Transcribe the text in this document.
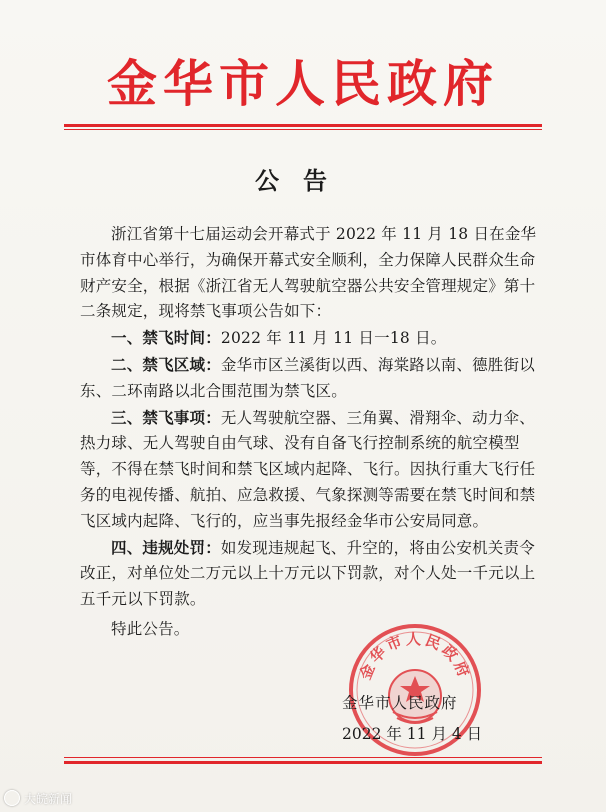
金华市人民政府
公告

浙江省第十七届运动会开幕式于 2022 年 11 月 18 日在金华市体育中心举行，为确保开幕式安全顺利，全力保障人民群众生命财产安全，根据《浙江省无人驾驶航空器公共安全管理规定》第十二条规定，现将禁飞事项公告如下：

一、禁飞时间：2022 年 11 月 11 日一18 日。

二、禁飞区域：金华市区兰溪街以西、海棠路以南、德胜街以东、二环南路以北合围范围为禁飞区。

三、禁飞事项：无人驾驶航空器、三角翼、滑翔伞、动力伞、热力球、无人驾驶自由气球、没有自备飞行控制系统的航空模型等，不得在禁飞时间和禁飞区域内起降、飞行。因执行重大飞行任务的电视传播、航拍、应急救援、气象探测等需要在禁飞时间和禁飞区域内起降、飞行的，应当事先报经金华市公安局同意。

四、违规处罚：如发现违规起飞、升空的，将由公安机关责令改正，对单位处二万元以上十万元以下罚款，对个人处一千元以上五千元以下罚款。

特此公告。

金华市人民政府
金华市人民政府
2022 年 11 月 4 日
大皖新闻
